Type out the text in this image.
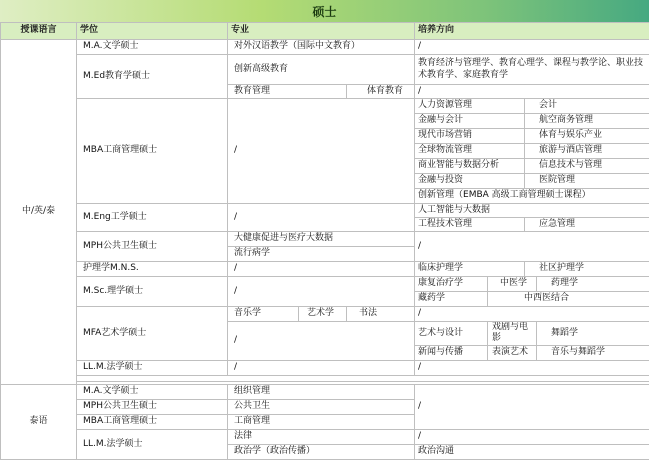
硕士
授课语言	学位	专业			培养方向			
中/英/泰	M.A.文学硕士	对外汉语教学（国际中文教育）			/			
	M.Ed教育学硕士	创新高级教育			教育经济与管理学、教育心理学、课程与教学论、职业技术教育学、家庭教育学			
		教育管理		体育教育	/			
	MBA工商管理硕士	/			人力资源管理		会计	
					金融与会计		航空商务管理	
					现代市场营销		体育与娱乐产业	
					全球物流管理		旅游与酒店管理	
					商业智能与数据分析		信息技术与管理	
					金融与投资		医院管理	
					创新管理（EMBA 高级工商管理硕士课程）			
	M.Eng工学硕士	/			人工智能与大数据			
					工程技术管理		应急管理	
	MPH公共卫生硕士	大健康促进与医疗大数据			/			
		流行病学						
	护理学M.N.S.	/			临床护理学		社区护理学	
	M.Sc.理学硕士	/			康复治疗学	中医学		药理学
					藏药学	中西医结合		
	MFA艺术学硕士	音乐学	艺术学	书法	/			
		/			艺术与设计	戏剧与电影		舞蹈学
					新闻与传播	表演艺术		音乐与舞蹈学
	LL.M.法学硕士	/			/			

泰语	M.A.文学硕士	组织管理			/			
	MPH公共卫生硕士	公共卫生						
	MBA工商管理硕士	工商管理						
	LL.M.法学硕士	法律			/			
		政治学（政治传播）			政治沟通			
